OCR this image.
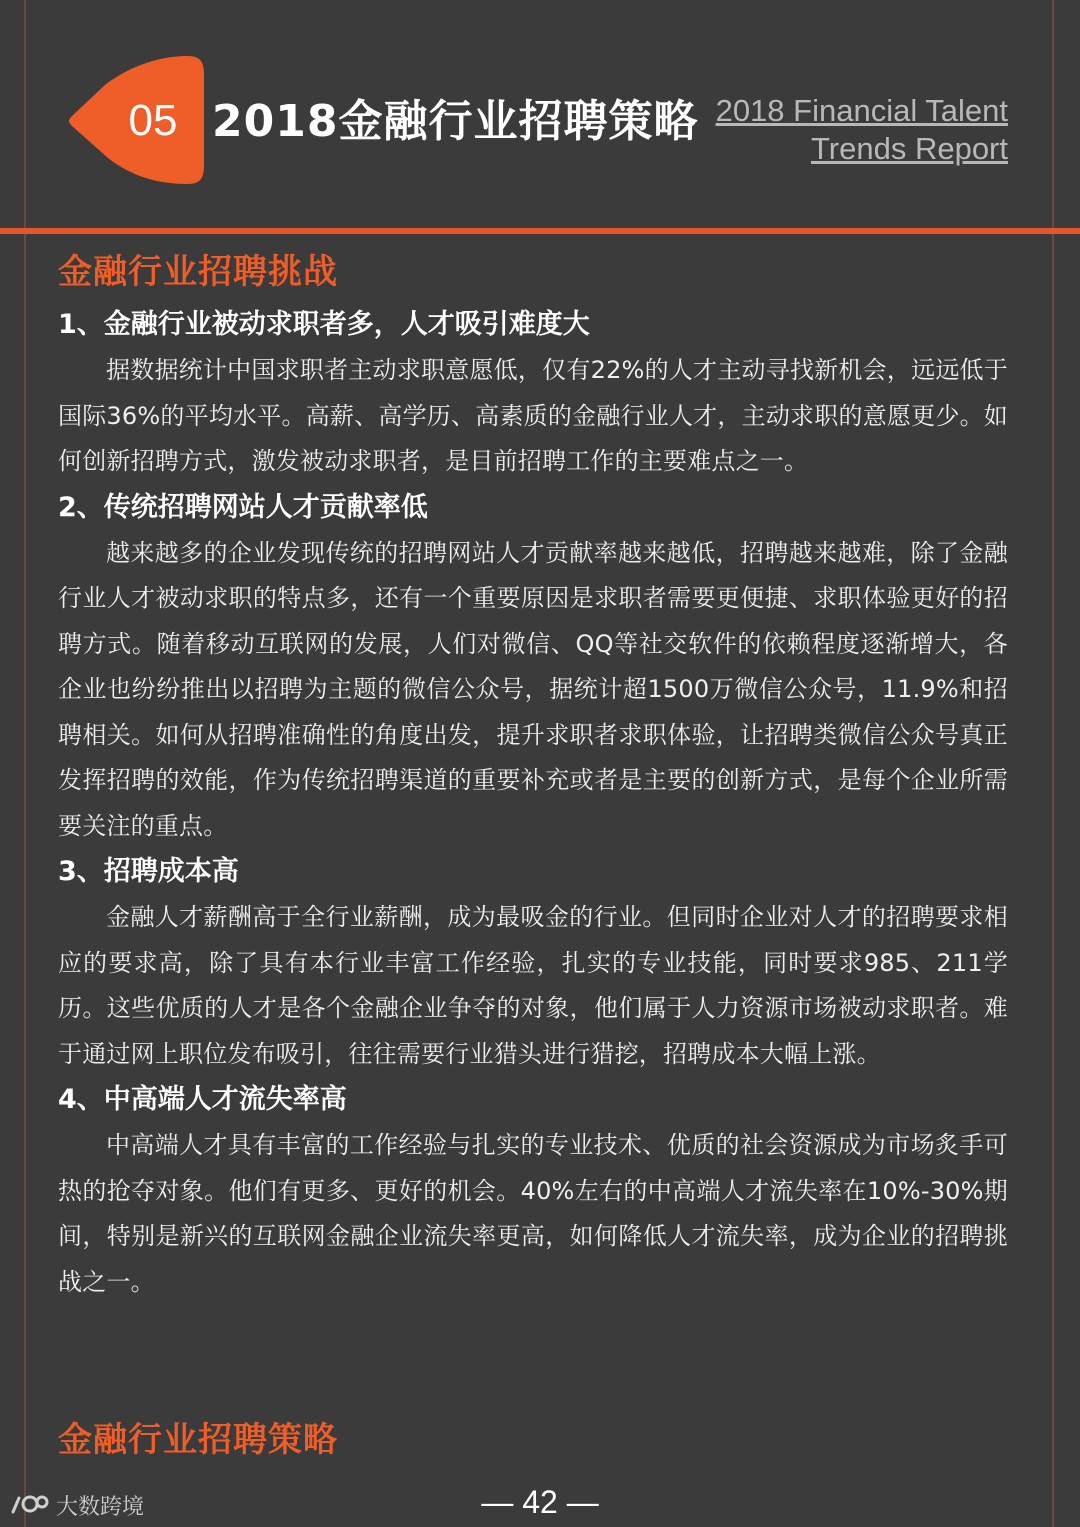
05 2018金融行业招聘策略 2018 Financial Talent
Trends Report
金融行业招聘挑战
1、金融行业被动求职者多，人才吸引难度大

据数据统计中国求职者主动求职意愿低，仅有22%的人才主动寻找新机会，远远低于国际36%的平均水平。高薪、高学历、高素质的金融行业人才，主动求职的意愿更少。如何创新招聘方式，激发被动求职者，是目前招聘工作的主要难点之一。

2、传统招聘网站人才贡献率低

越来越多的企业发现传统的招聘网站人才贡献率越来越低，招聘越来越难，除了金融行业人才被动求职的特点多，还有一个重要原因是求职者需要更便捷、求职体验更好的招聘方式。随着移动互联网的发展，人们对微信、QQ等社交软件的依赖程度逐渐增大，各企业也纷纷推出以招聘为主题的微信公众号，据统计超1500万微信公众号，11.9%和招聘相关。如何从招聘准确性的角度出发，提升求职者求职体验，让招聘类微信公众号真正发挥招聘的效能，作为传统招聘渠道的重要补充或者是主要的创新方式，是每个企业所需要关注的重点。

3、招聘成本高

金融人才薪酬高于全行业薪酬，成为最吸金的行业。但同时企业对人才的招聘要求相应的要求高，除了具有本行业丰富工作经验，扎实的专业技能，同时要求985、211学历。这些优质的人才是各个金融企业争夺的对象，他们属于人力资源市场被动求职者。难于通过网上职位发布吸引，往往需要行业猎头进行猎挖，招聘成本大幅上涨。

4、中高端人才流失率高

中高端人才具有丰富的工作经验与扎实的专业技术、优质的社会资源成为市场炙手可热的抢夺对象。他们有更多、更好的机会。40%左右的中高端人才流失率在10%-30%期间，特别是新兴的互联网金融企业流失率更高，如何降低人才流失率，成为企业的招聘挑战之一。

金融行业招聘策略
— 42 —
大数跨境
